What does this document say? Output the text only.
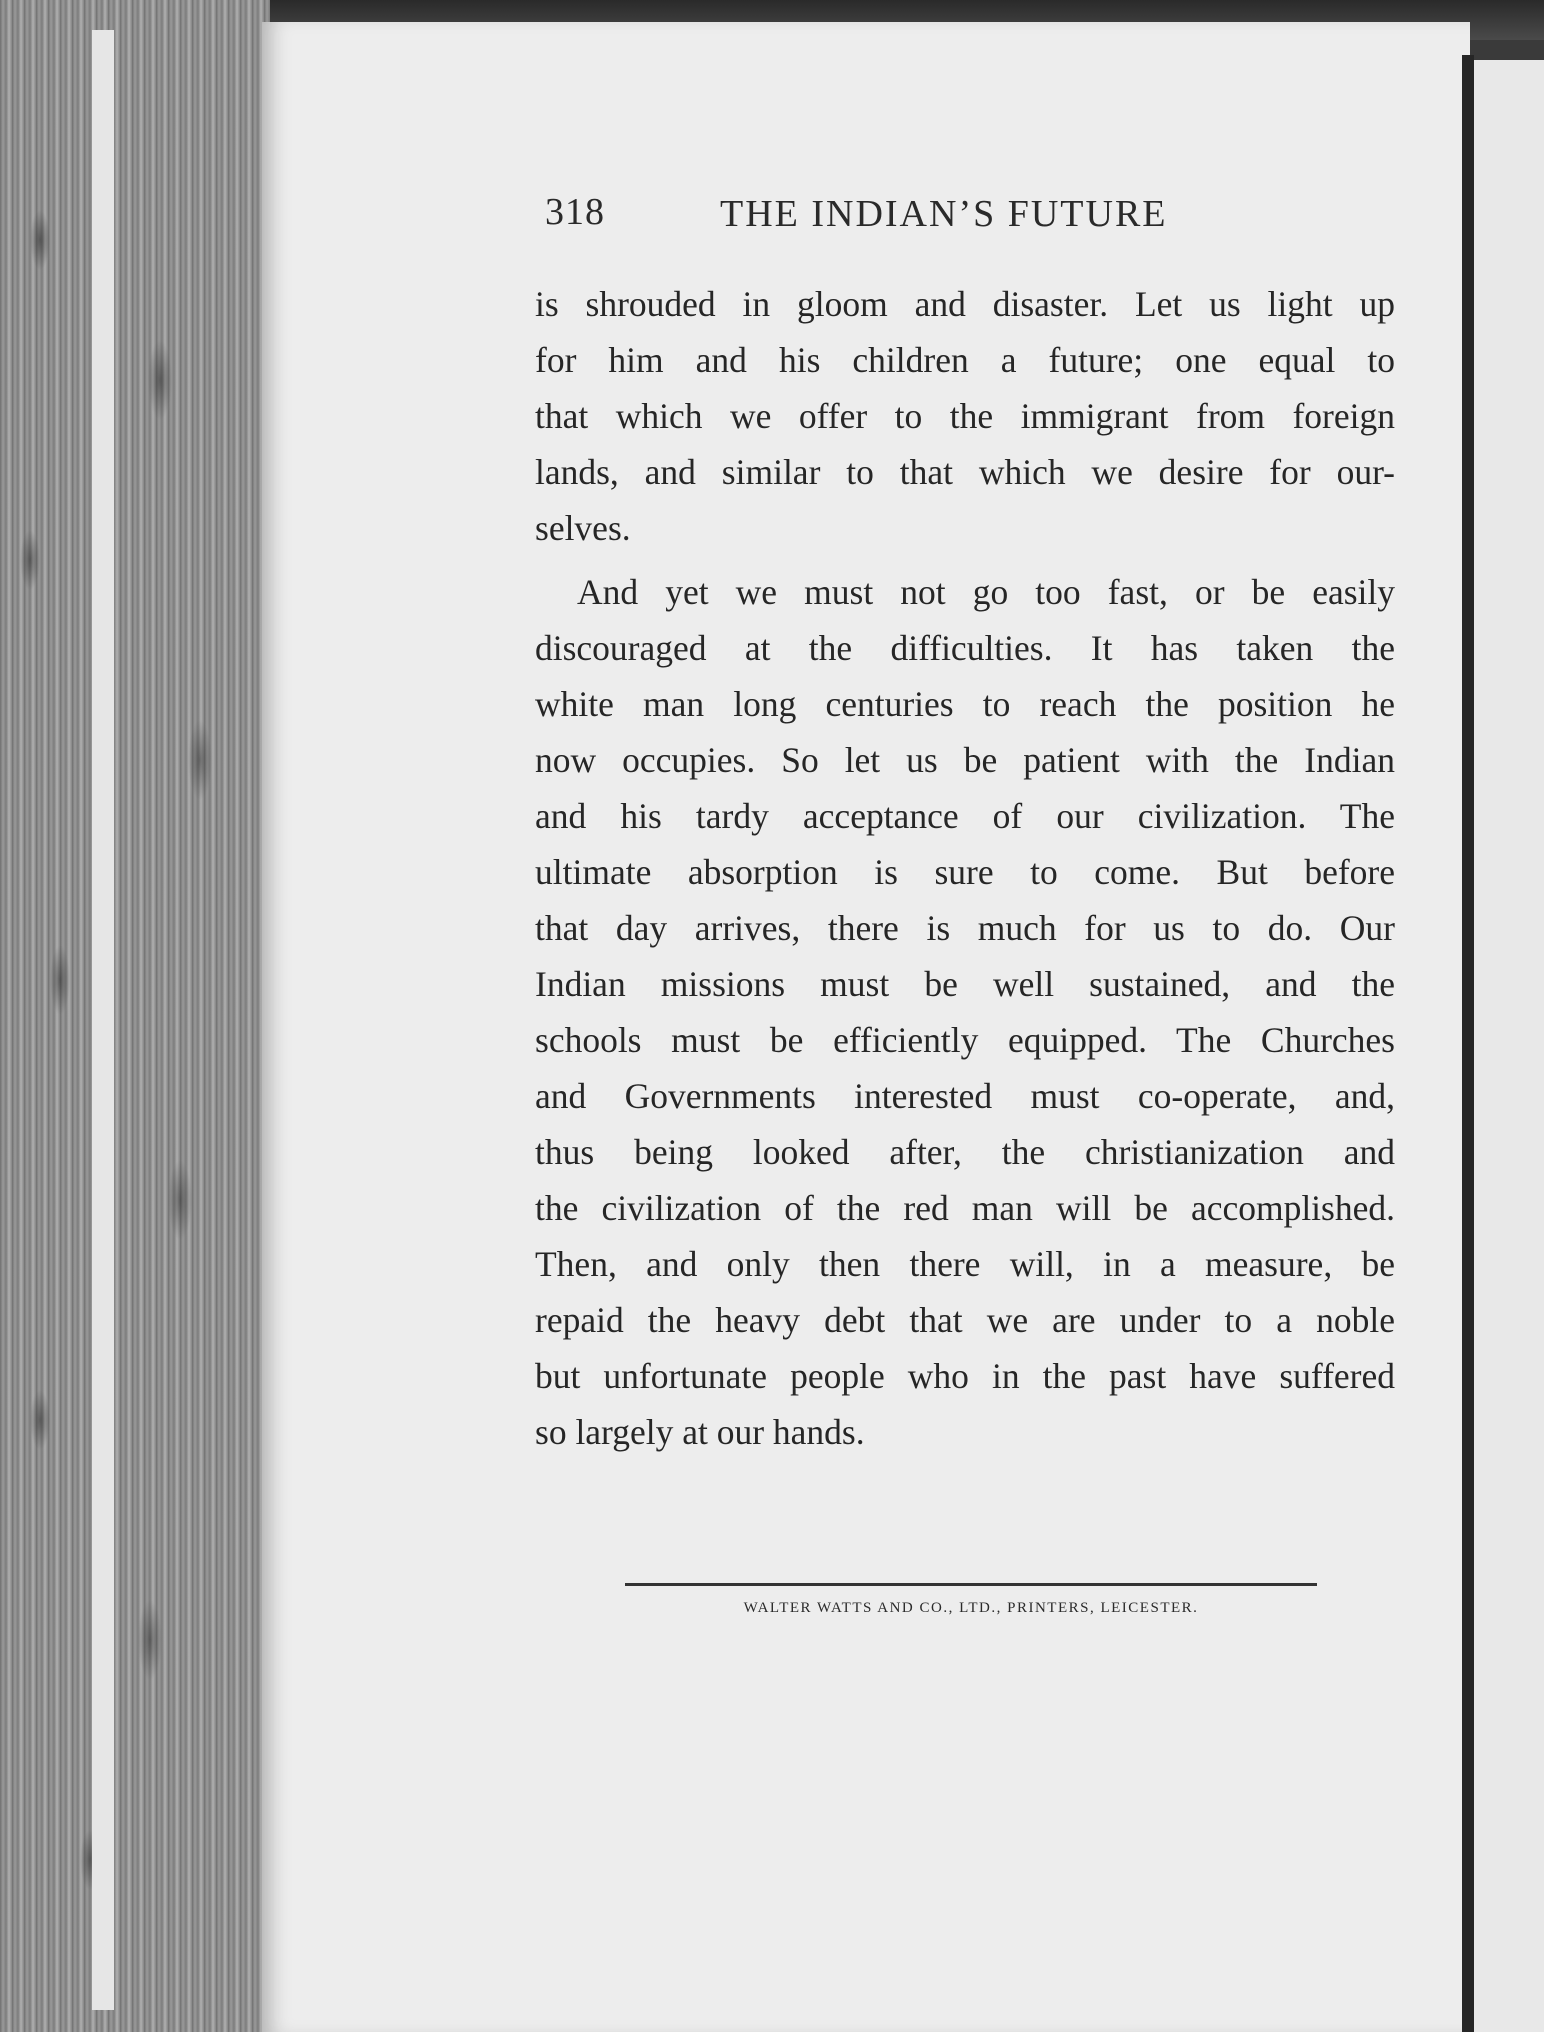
318	THE INDIAN’S FUTURE
is shrouded in gloom and disaster. Let us light up
for him and his children a future; one equal to
that which we offer to the immigrant from foreign
lands, and similar to that which we desire for our-
selves.
And yet we must not go too fast, or be easily
discouraged at the difficulties. It has taken the
white man long centuries to reach the position he
now occupies. So let us be patient with the Indian
and his tardy acceptance of our civilization. The
ultimate absorption is sure to come. But before
that day arrives, there is much for us to do. Our
Indian missions must be well sustained, and the
schools must be efficiently equipped. The Churches
and Governments interested must co-operate, and,
thus being looked after, the christianization and
the civilization of the red man will be accomplished.
Then, and only then there will, in a measure, be
repaid the heavy debt that we are under to a noble
but unfortunate people who in the past have suffered
so largely at our hands.
WALTER WATTS AND CO., LTD., PRINTERS, LEICESTER.
